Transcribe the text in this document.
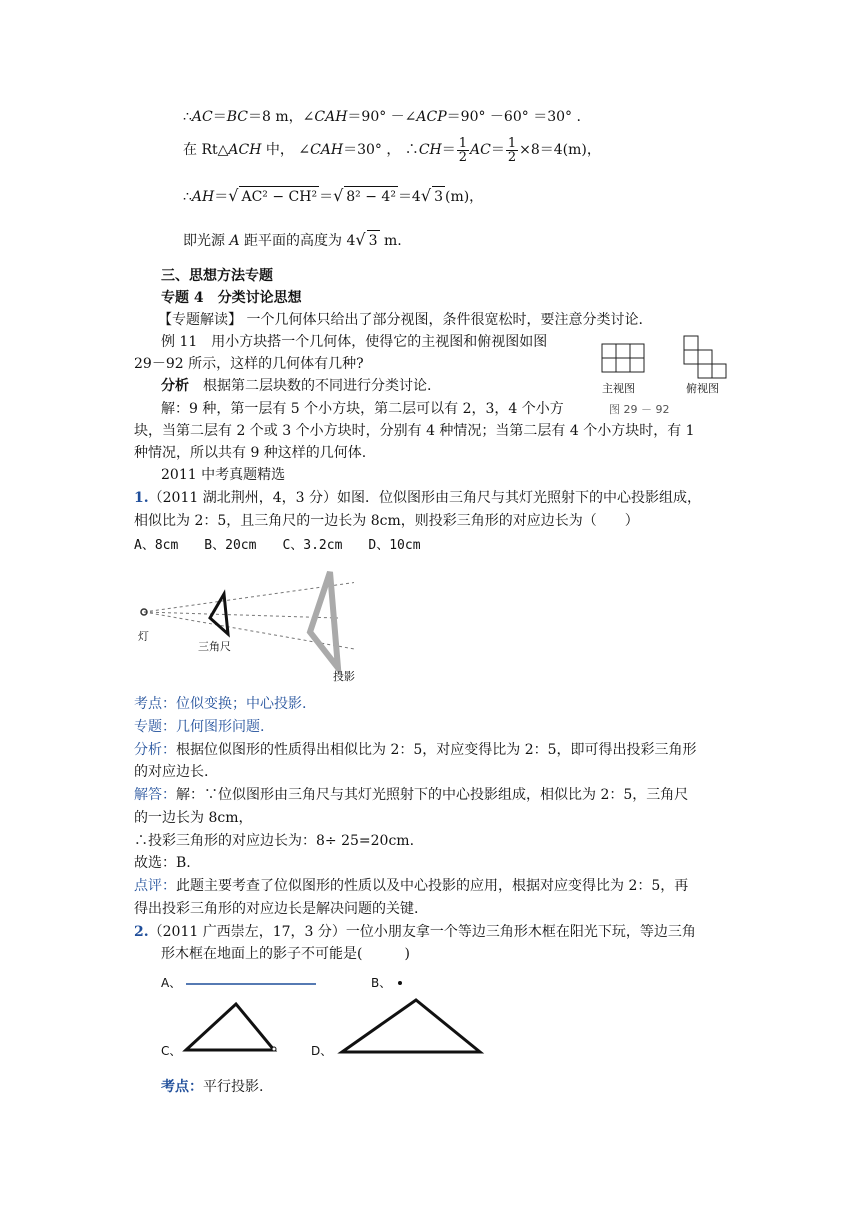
∴AC＝BC＝8 m，∠CAH＝90° －∠ACP＝90° －60° ＝30° .
在 Rt△ACH 中， ∠CAH＝30° ， ∴CH＝ $\frac{1}{2} AC= \frac{1}{2} \times 8=4(m)$，
∴AH＝√ AC² − CH² ＝√ 8² − 4² ＝4√ 3 (m)，
即光源 A 距平面的高度为 4√ 3 m.
三、思想方法专题
专题 4　分类讨论思想
【专题解读】 一个几何体只给出了部分视图，条件很宽松时，要注意分类讨论.
例 11　用小方块搭一个几何体，使得它的主视图和俯视图如图
29－92 所示，这样的几何体有几种?
分析　根据第二层块数的不同进行分类讨论.
解：9 种，第一层有 5 个小方块，第二层可以有 2，3，4 个小方
块，当第二层有 2 个或 3 个小方块时，分别有 4 种情况；当第二层有 4 个小方块时，有 1
种情况，所以共有 9 种这样的几何体.
主视图	俯视图
图 29 － 92
2011 中考真题精选
1.（2011 湖北荆州，4，3 分）如图．位似图形由三角尺与其灯光照射下的中心投影组成，
相似比为 2：5，且三角尺的一边长为 8cm，则投彩三角形的对应边长为（　　）
A、8cm　　B、20cm　　C、3.2cm　　D、10cm
灯
三角尺
投影
考点：位似变换；中心投影.
专题：几何图形问题.
分析：根据位似图形的性质得出相似比为 2：5，对应变得比为 2：5，即可得出投彩三角形
的对应边长.
解答：解：∵位似图形由三角尺与其灯光照射下的中心投影组成，相似比为 2：5，三角尺
的一边长为 8cm，
∴投彩三角形的对应边长为：8÷ 25=20cm.
故选：B.
点评：此题主要考查了位似图形的性质以及中心投影的应用，根据对应变得比为 2：5，再
得出投彩三角形的对应边长是解决问题的关键.
2.（2011 广西崇左，17，3 分）一位小朋友拿一个等边三角形木框在阳光下玩，等边三角
形木框在地面上的影子不可能是(　　　)
A、	B、
C、	D、
考点：平行投影.
